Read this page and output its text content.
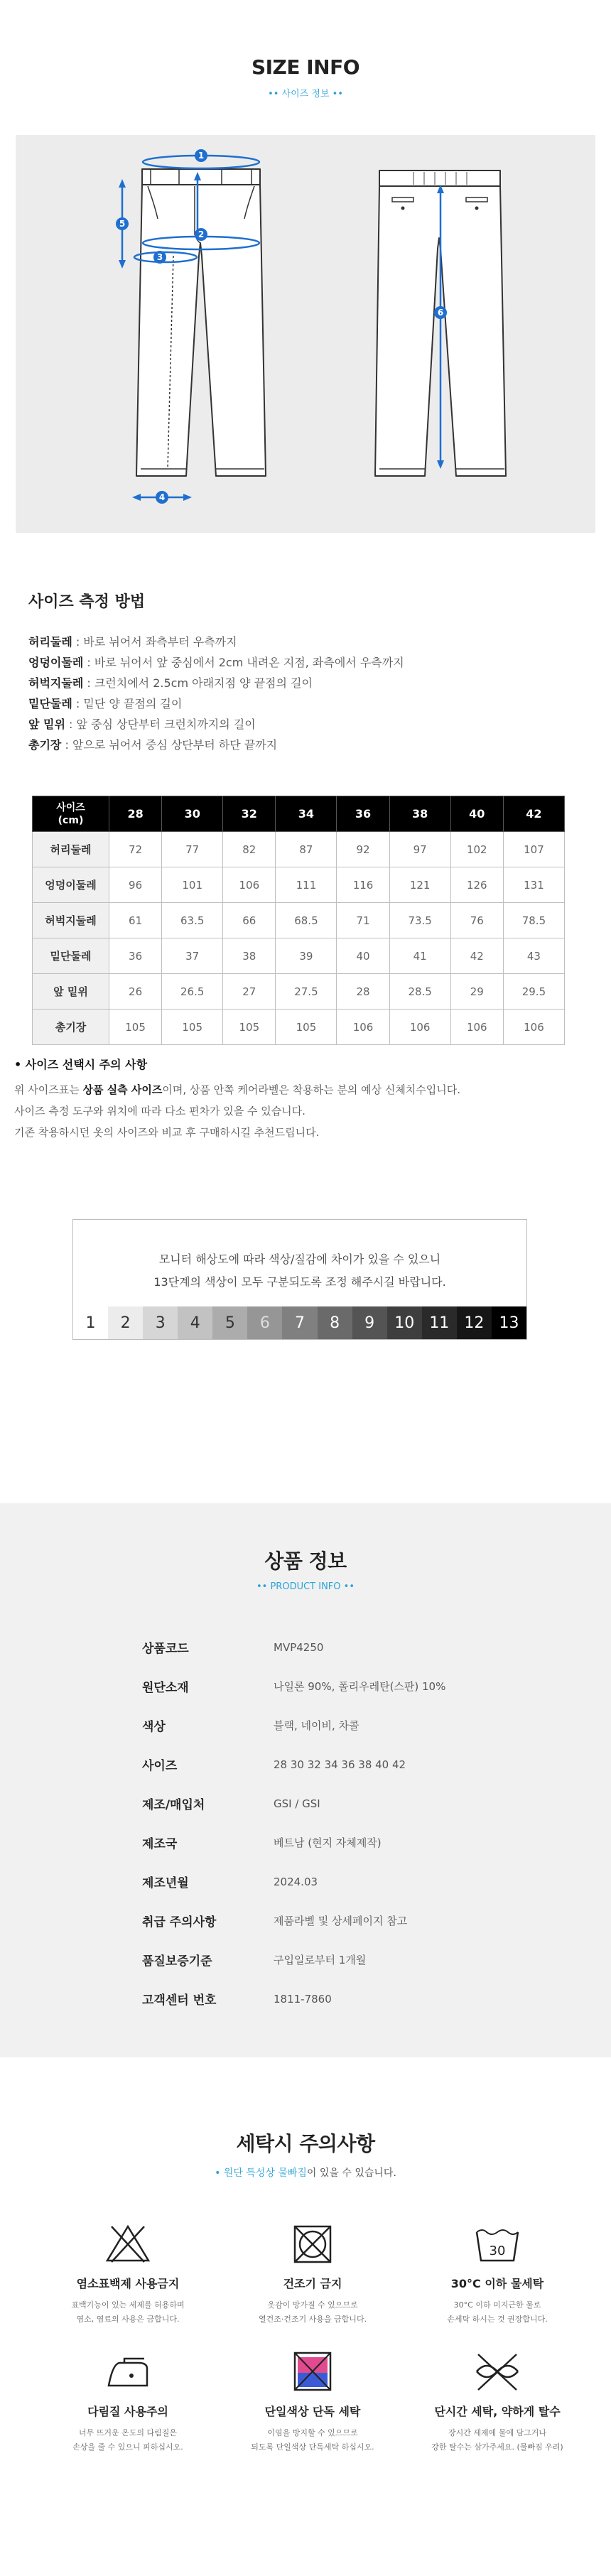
SIZE INFO
•• 사이즈 정보 ••
1
2
3
4
5
6
사이즈 측정 방법
허리둘레 : 바로 뉘어서 좌측부터 우측까지
엉덩이둘레 : 바로 뉘어서 앞 중심에서 2cm 내려온 지점, 좌측에서 우측까지
허벅지둘레 : 크런치에서 2.5cm 아래지점 양 끝점의 길이
밑단둘레 : 밑단 양 끝점의 길이
앞 밑위 : 앞 중심 상단부터 크런치까지의 길이
총기장 : 앞으로 뉘어서 중심 상단부터 하단 끝까지
사이즈
(cm)	28	30	32	34	36	38	40	42
허리둘레	72	77	82	87	92	97	102	107
엉덩이둘레	96	101	106	111	116	121	126	131
허벅지둘레	61	63.5	66	68.5	71	73.5	76	78.5
밑단둘레	36	37	38	39	40	41	42	43
앞 밑위	26	26.5	27	27.5	28	28.5	29	29.5
총기장	105	105	105	105	106	106	106	106
• 사이즈 선택시 주의 사항

위 사이즈표는 상품 실측 사이즈이며, 상품 안쪽 케어라벨은 착용하는 분의 예상 신체치수입니다.

사이즈 측정 도구와 위치에 따라 다소 편차가 있을 수 있습니다.

기존 착용하시던 옷의 사이즈와 비교 후 구매하시길 추천드립니다.

모니터 해상도에 따라 색상/질감에 차이가 있을 수 있으니
13단계의 색상이 모두 구분되도록 조정 해주시길 바랍니다.
1	2	3	4	5	6	7	8	9	10 11 12 13
상품 정보
•• PRODUCT INFO ••
상품코드	MVP4250
원단소재	나일론 90%, 폴리우레탄(스판) 10%
색상	블랙, 네이비, 차콜
사이즈	28 30 32 34 36 38 40 42
제조/매입처	GSI / GSI
제조국	베트남 (현지 자체제작)
제조년월	2024.03
취급 주의사항	제품라벨 및 상세페이지 참고
품질보증기준	구입일로부터 1개월
고객센터 번호	1811-7860
세탁시 주의사항
• 원단 특성상 물빠짐이 있을 수 있습니다.
염소표백제 사용금지
표백기능이 있는 세제를 허용하며
염소, 염료의 사용은 금합니다.
건조기 금지
옷감이 망가질 수 있으므로
열건조·건조기 사용을 금합니다.
30
30°C 이하 물세탁
30°C 이하 미지근한 물로
손세탁 하시는 것 권장합니다.
다림질 사용주의
너무 뜨거운 온도의 다림질은
손상을 줄 수 있으니 피하십시오.
단일색상 단독 세탁
이염을 방지할 수 있으므로
되도록 단일색상 단독세탁 하십시오.
단시간 세탁, 약하게 탈수
장시간 세제에 물에 담그거나
강한 탈수는 삼가주세요. (물빠짐 우려)
